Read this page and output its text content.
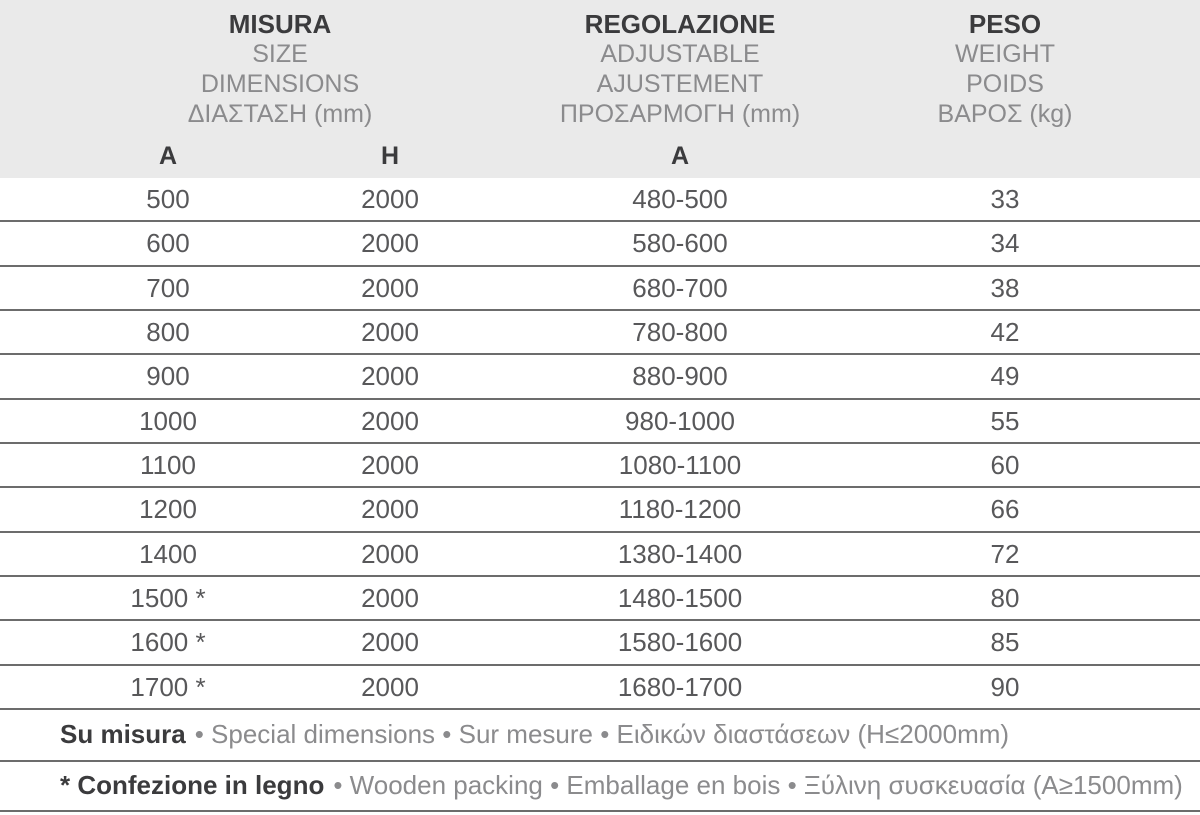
MISURA
SIZE
DIMENSIONS
ΔΙΑΣΤΑΣΗ (mm)
REGOLAZIONE
ADJUSTABLE
AJUSTEMENT
ΠΡΟΣΑΡΜΟΓΗ (mm)
PESO
WEIGHT
POIDS
ΒΑΡΟΣ (kg)
A	H	A
500	2000	480-500	33
600	2000	580-600	34
700	2000	680-700	38
800	2000	780-800	42
900	2000	880-900	49
1000	2000	980-1000	55
1100	2000	1080-1100	60
1200	2000	1180-1200	66
1400	2000	1380-1400	72
1500 *	2000	1480-1500	80
1600 *	2000	1580-1600	85
1700 *	2000	1680-1700	90
Su misura • Special dimensions • Sur mesure • Ειδικών διαστάσεων (H≤2000mm)
* Confezione in legno • Wooden packing • Emballage en bois • Ξύλινη συσκευασία (A≥1500mm)
